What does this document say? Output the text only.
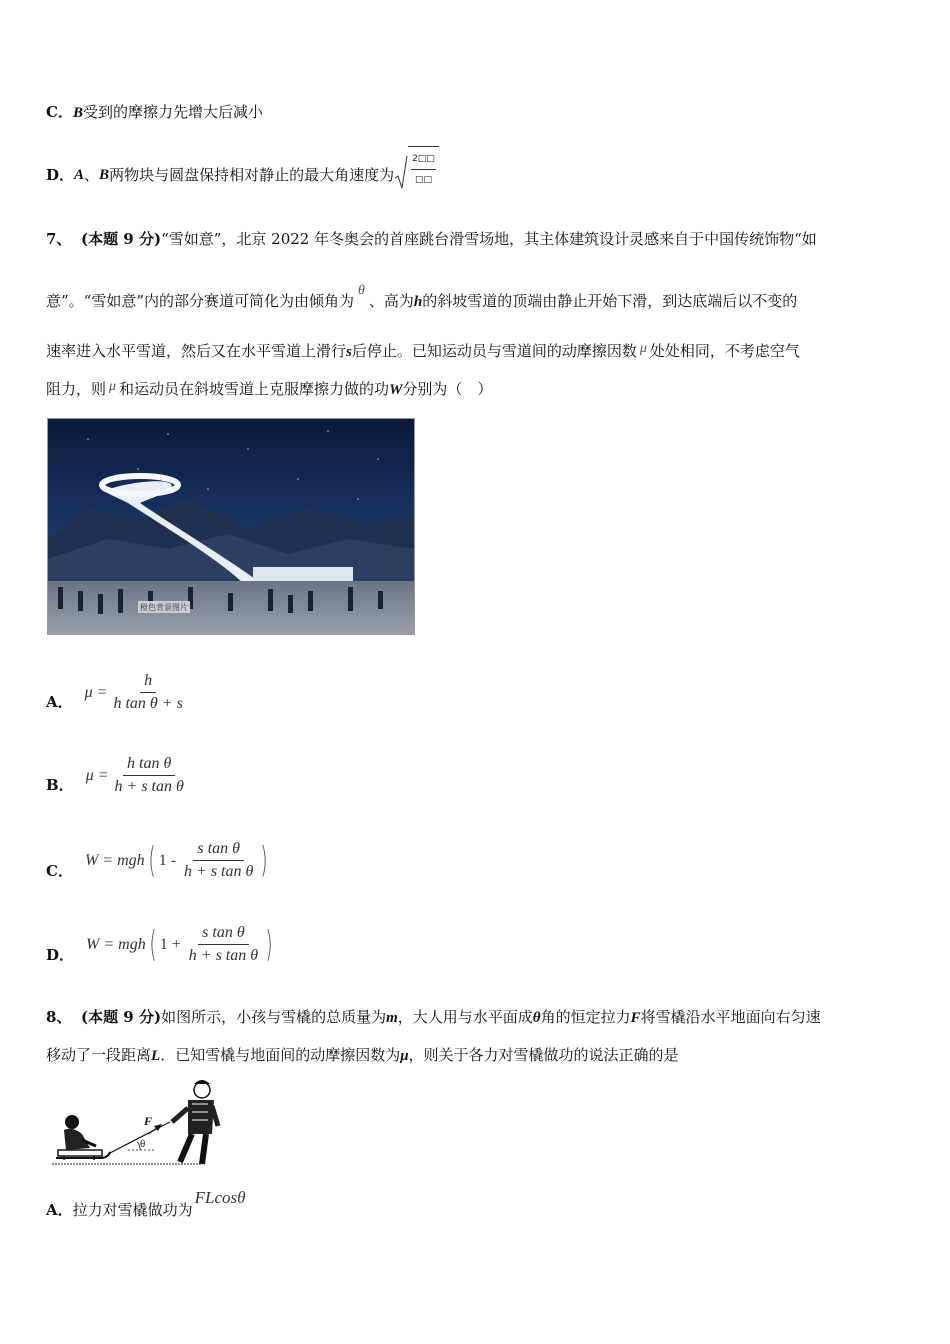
C．B受到的摩擦力先增大后减小
D． A 、 B 两物块与圆盘保持相对静止的最大角速度为
2□□
□□
7、 (本题 9 分)“雪如意”，北京 2022 年冬奥会的首座跳台滑雪场地，其主体建筑设计灵感来自于中国传统饰物“如
意”。“雪如意”内的部分赛道可简化为由倾角为θ、高为h的斜坡雪道的顶端由静止开始下滑，到达底端后以不变的
速率进入水平雪道，然后又在水平雪道上滑行s后停止。已知运动员与雪道间的动摩擦因数 μ 处处相同，不考虑空气
阻力，则 μ 和运动员在斜坡雪道上克服摩擦力做的功W分别为（　）
橙色背景图片
A．
$\mu = \frac{h}{\text{h tan θ + s}}$
B．
$\mu = \frac{\text{h tan θ}}{\text{h + s tan θ}}$
C．
W = mgh ( $1 - \frac{\text{s tan θ}}{\text{h + s tan θ}}$ )
D．
W = mgh ( $1 + \frac{\text{s tan θ}}{\text{h + s tan θ}}$ )
8、 (本题 9 分)如图所示，小孩与雪橇的总质量为m，大人用与水平面成θ角的恒定拉力F将雪橇沿水平地面向右匀速
移动了一段距离L．已知雪橇与地面间的动摩擦因数为μ，则关于各力对雪橇做功的说法正确的是
F
θ
A．拉力对雪橇做功为FLcosθ
